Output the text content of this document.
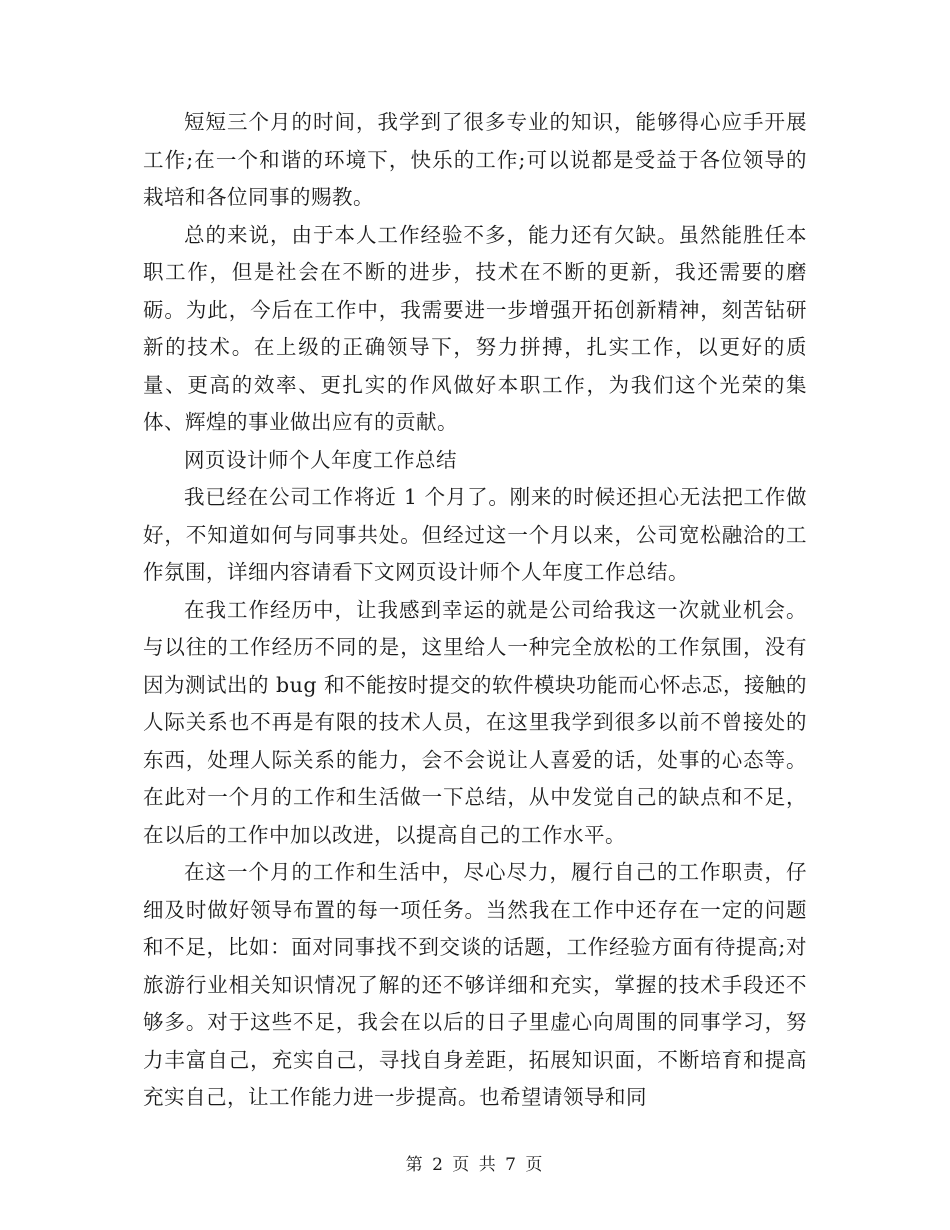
短短三个月的时间，我学到了很多专业的知识，能够得心应手开展工作;在一个和谐的环境下，快乐的工作;可以说都是受益于各位领导的栽培和各位同事的赐教。

总的来说，由于本人工作经验不多，能力还有欠缺。虽然能胜任本职工作，但是社会在不断的进步，技术在不断的更新，我还需要的磨砺。为此，今后在工作中，我需要进一步增强开拓创新精神，刻苦钻研新的技术。在上级的正确领导下，努力拼搏，扎实工作，以更好的质量、更高的效率、更扎实的作风做好本职工作，为我们这个光荣的集体、辉煌的事业做出应有的贡献。

网页设计师个人年度工作总结

我已经在公司工作将近 1 个月了。刚来的时候还担心无法把工作做好，不知道如何与同事共处。但经过这一个月以来，公司宽松融洽的工作氛围，详细内容请看下文网页设计师个人年度工作总结。

在我工作经历中，让我感到幸运的就是公司给我这一次就业机会。与以往的工作经历不同的是，这里给人一种完全放松的工作氛围，没有因为测试出的 bug 和不能按时提交的软件模块功能而心怀忐忑，接触的人际关系也不再是有限的技术人员，在这里我学到很多以前不曾接处的东西，处理人际关系的能力，会不会说让人喜爱的话，处事的心态等。在此对一个月的工作和生活做一下总结，从中发觉自己的缺点和不足，在以后的工作中加以改进，以提高自己的工作水平。

在这一个月的工作和生活中，尽心尽力，履行自己的工作职责，仔细及时做好领导布置的每一项任务。当然我在工作中还存在一定的问题和不足，比如：面对同事找不到交谈的话题，工作经验方面有待提高;对旅游行业相关知识情况了解的还不够详细和充实，掌握的技术手段还不够多。对于这些不足，我会在以后的日子里虚心向周围的同事学习，努力丰富自己，充实自己，寻找自身差距，拓展知识面，不断培育和提高充实自己，让工作能力进一步提高。也希望请领导和同

第 2 页 共 7 页
